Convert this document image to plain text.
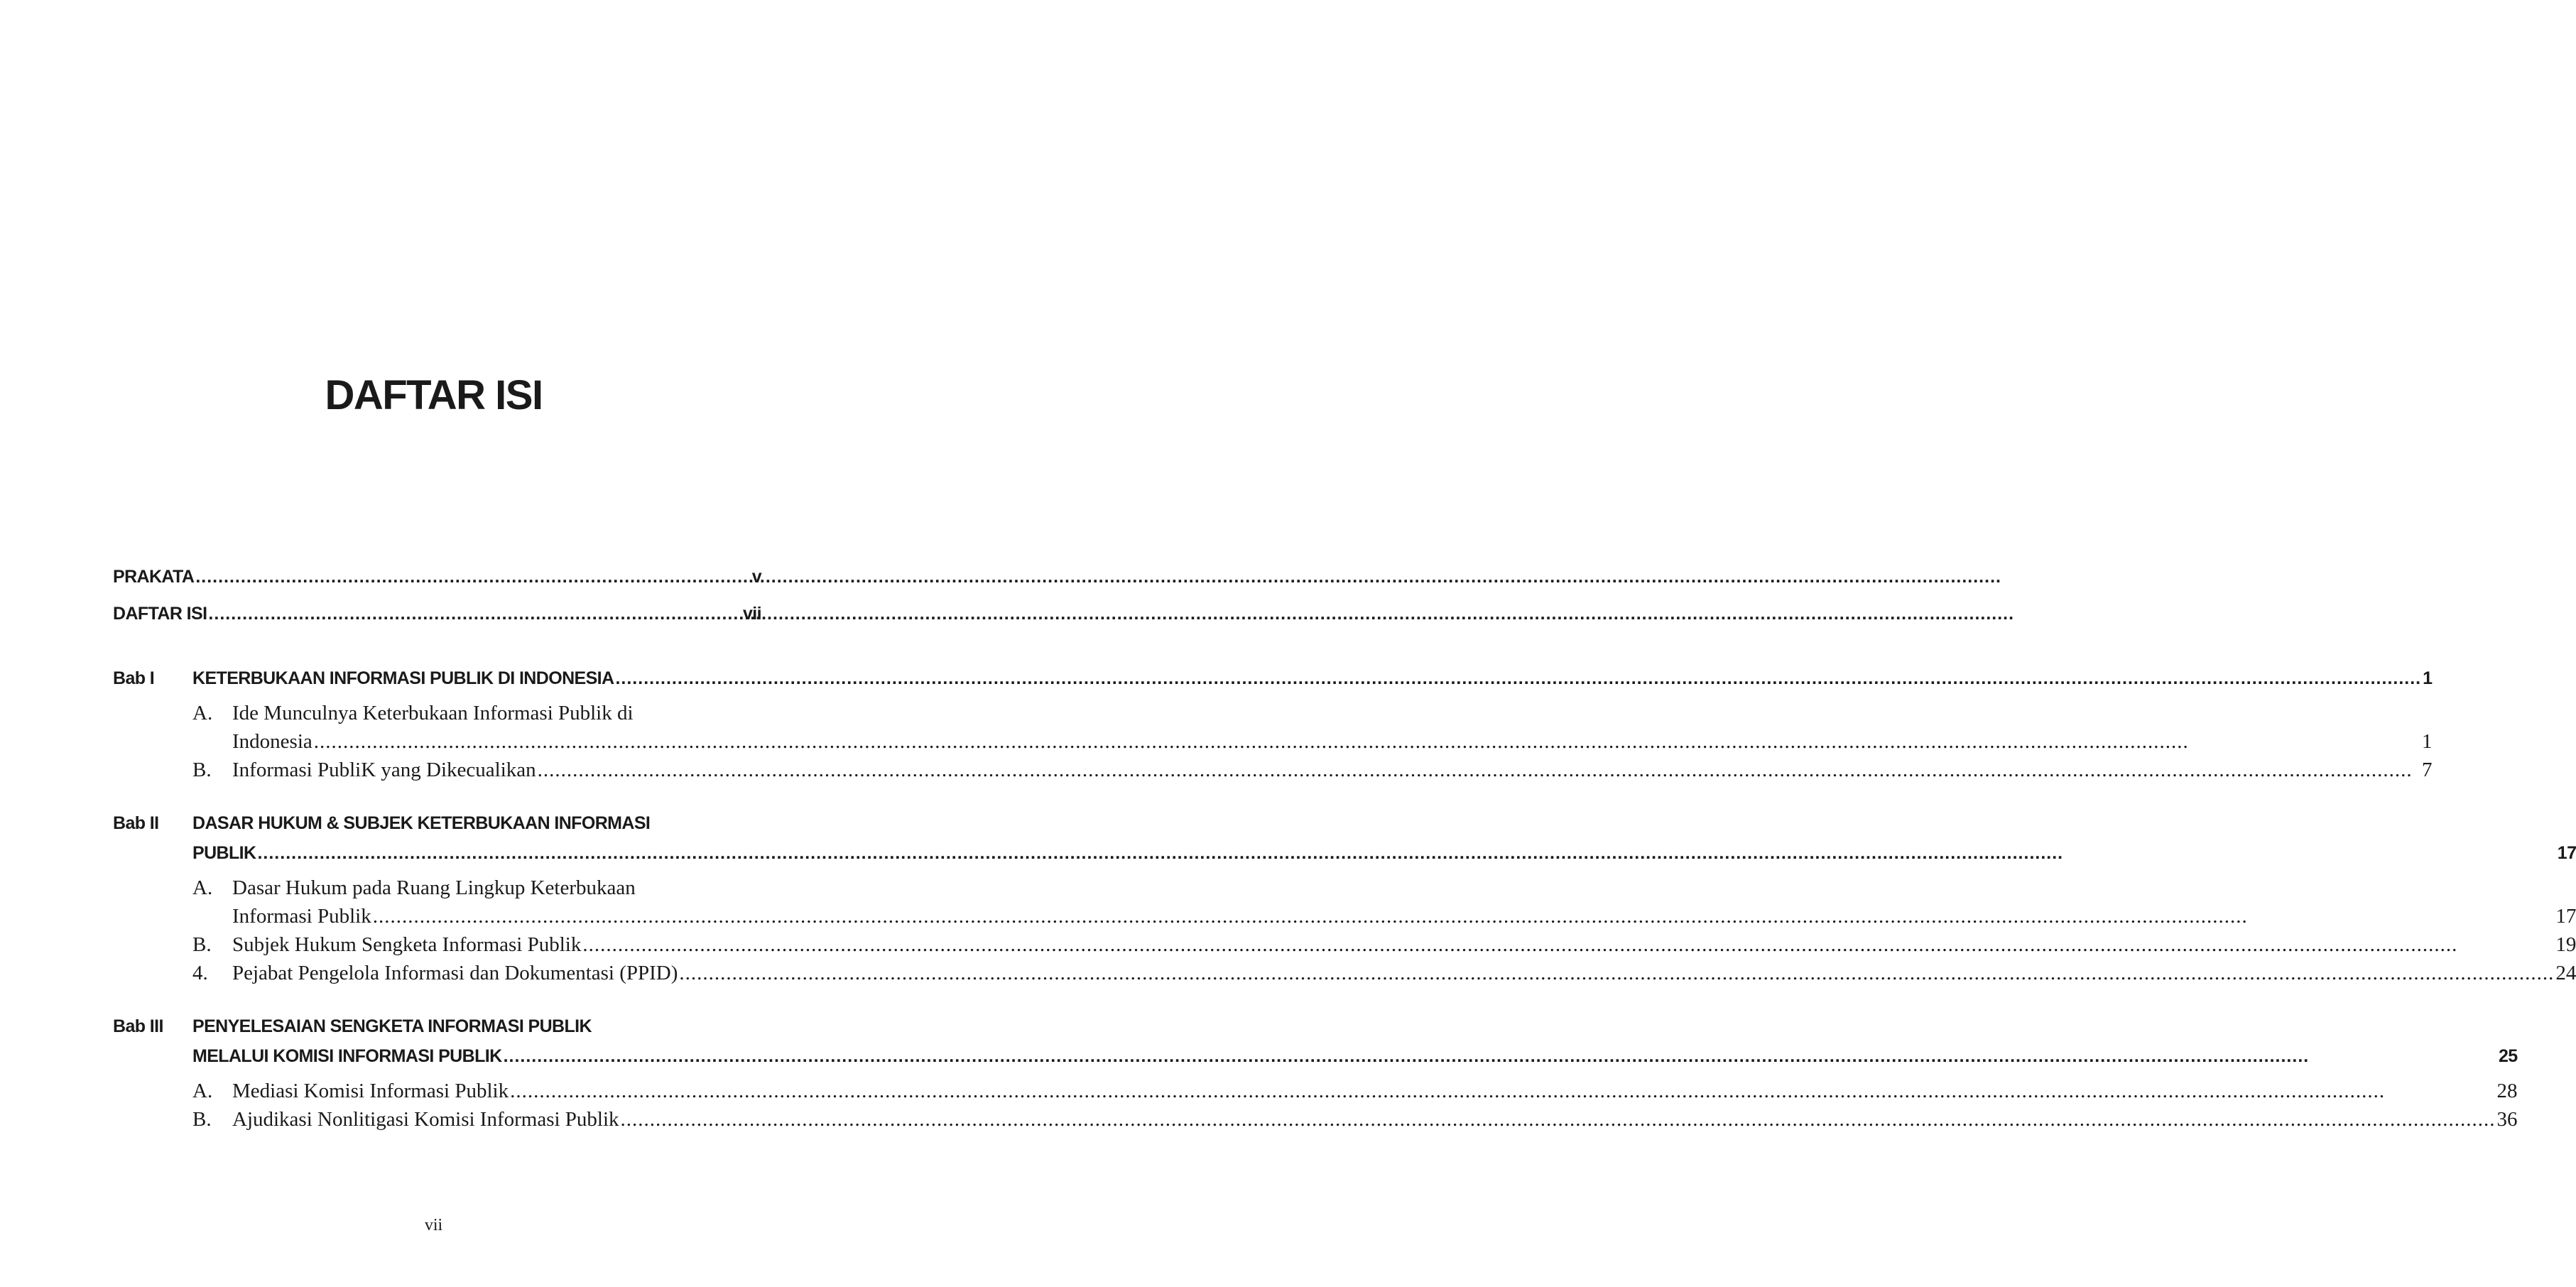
DAFTAR ISI
PRAKATA .....	v
DAFTAR ISI .....	vii
Bab I	KETERBUKAAN INFORMASI PUBLIK DI INDONESIA .....	1
A. Ide Munculnya Keterbukaan Informasi Publik di
Indonesia .....	1
B.	Informasi PubliK yang Dikecualikan .....	7
Bab II	DASAR HUKUM & SUBJEK KETERBUKAAN INFORMASI
PUBLIK .....	17
A. Dasar Hukum pada Ruang Lingkup Keterbukaan
Informasi Publik .....	17
B.	Subjek Hukum Sengketa Informasi Publik .....	19
4.	Pejabat Pengelola Informasi dan Dokumentasi (PPID) .....	24
Bab III	PENYELESAIAN SENGKETA INFORMASI PUBLIK
MELALUI KOMISI INFORMASI PUBLIK .....	25
A. Mediasi Komisi Informasi Publik .....	28
B.	Ajudikasi Nonlitigasi Komisi Informasi Publik .....	36
vii
